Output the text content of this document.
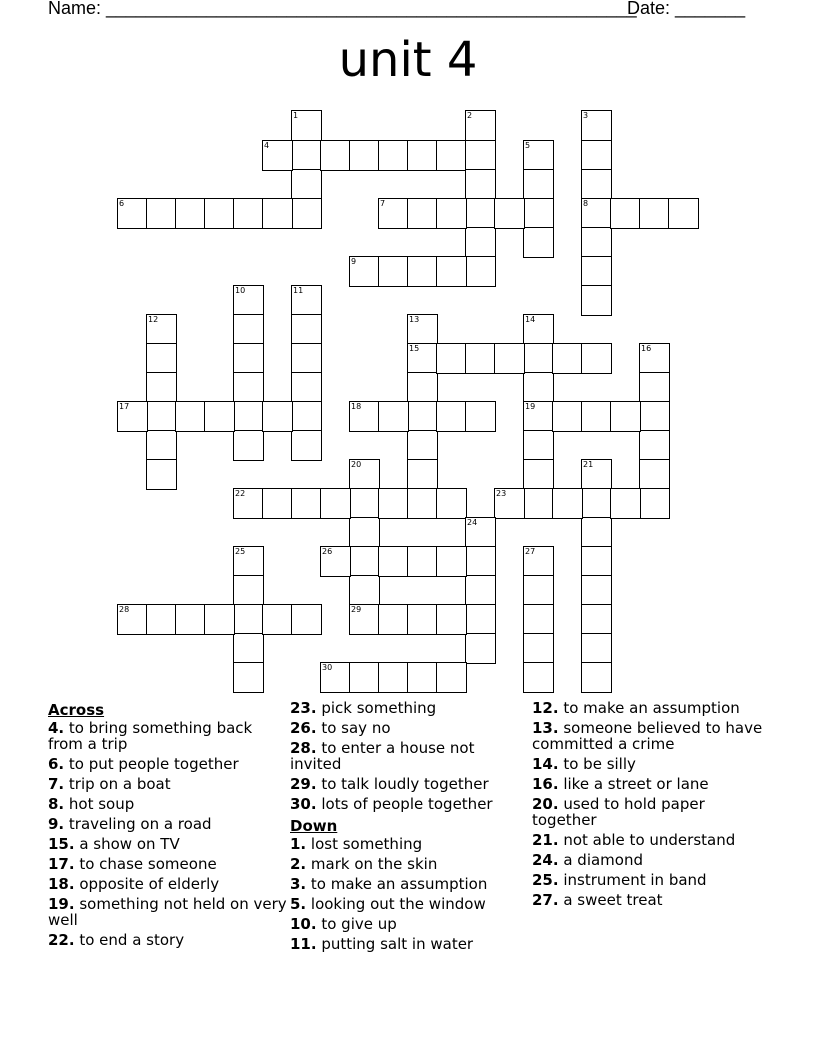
Name: _____________________________________________________
Date: _______
unit 4
1
4
2	3
8
5
6	7
9
10	11
12	13
15
14
19
16
17	18
20
29
21
22	23
24
25	26	27
28
30
Across
4. to bring something back from a trip
6. to put people together
7. trip on a boat
8. hot soup
9. traveling on a road
15. a show on TV
17. to chase someone
18. opposite of elderly
19. something not held on very well
22. to end a story
23. pick something
26. to say no
28. to enter a house not invited
29. to talk loudly together
30. lots of people together
Down
1. lost something
2. mark on the skin
3. to make an assumption
5. looking out the window
10. to give up
11. putting salt in water
12. to make an assumption
13. someone believed to have committed a crime
14. to be silly
16. like a street or lane
20. used to hold paper together
21. not able to understand
24. a diamond
25. instrument in band
27. a sweet treat
